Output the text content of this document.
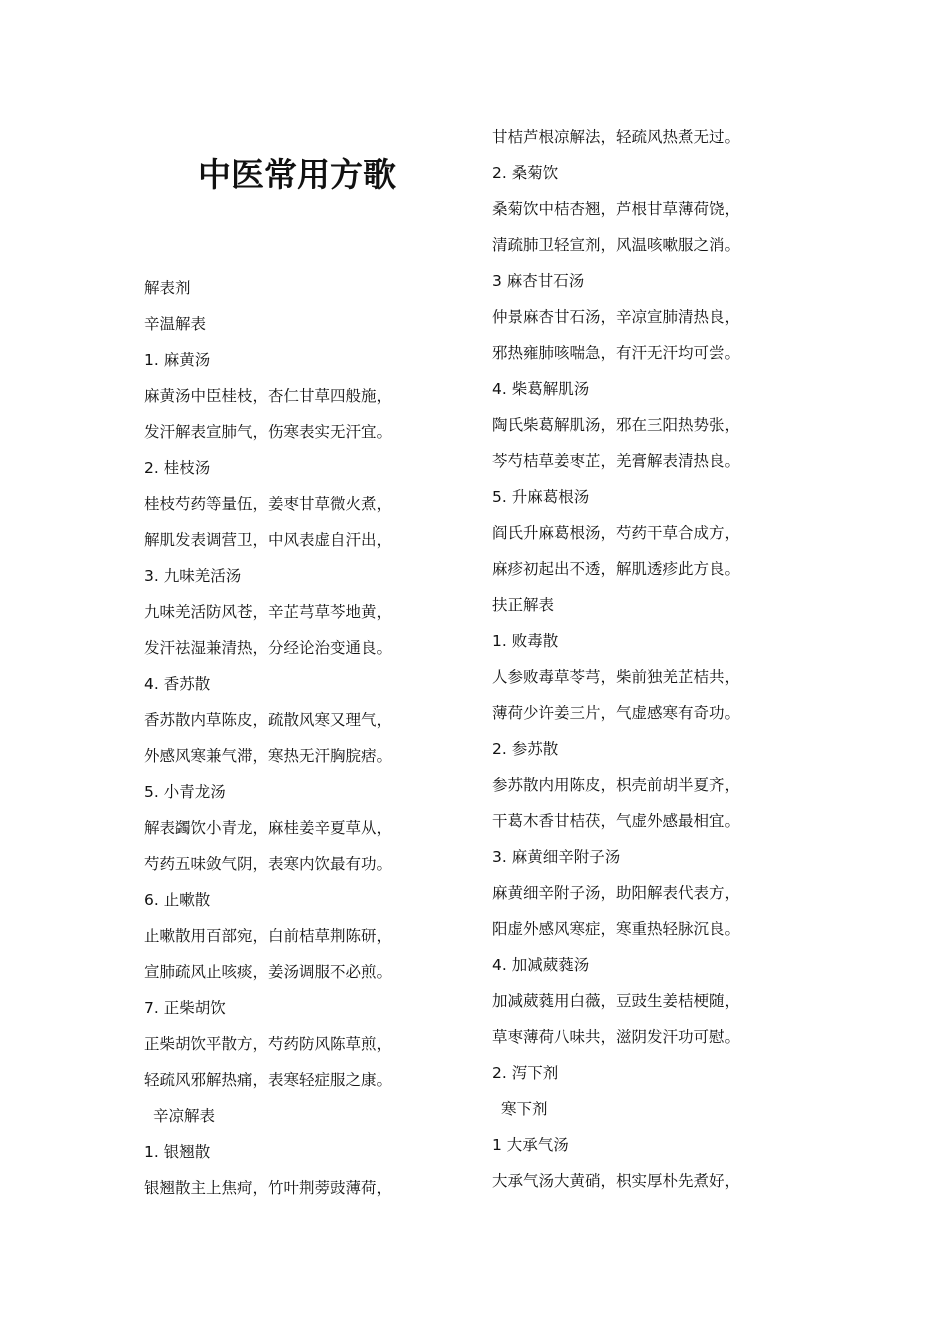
中医常用方歌
解表剂
辛温解表
1. 麻黄汤
麻黄汤中臣桂枝，杏仁甘草四般施，
发汗解表宣肺气，伤寒表实无汗宜。
2. 桂枝汤
桂枝芍药等量伍，姜枣甘草微火煮，
解肌发表调营卫，中风表虚自汗出，
3. 九味羌活汤
九味羌活防风苍，辛芷芎草芩地黄，
发汗祛湿兼清热，分经论治变通良。
4. 香苏散
香苏散内草陈皮，疏散风寒又理气，
外感风寒兼气滞，寒热无汗胸脘痞。
5. 小青龙汤
解表蠲饮小青龙，麻桂姜辛夏草从，
芍药五味敛气阴，表寒内饮最有功。
6. 止嗽散
止嗽散用百部宛，白前桔草荆陈研，
宣肺疏风止咳痰，姜汤调服不必煎。
7. 正柴胡饮
正柴胡饮平散方，芍药防风陈草煎，
轻疏风邪解热痛，表寒轻症服之康。
辛凉解表
1. 银翘散
银翘散主上焦疴，竹叶荆蒡豉薄荷，
甘桔芦根凉解法，轻疏风热煮无过。
2. 桑菊饮
桑菊饮中桔杏翘，芦根甘草薄荷饶，
清疏肺卫轻宣剂，风温咳嗽服之消。
3 麻杏甘石汤
仲景麻杏甘石汤，辛凉宣肺清热良，
邪热雍肺咳喘急，有汗无汗均可尝。
4. 柴葛解肌汤
陶氏柴葛解肌汤，邪在三阳热势张，
芩芍桔草姜枣芷，羌膏解表清热良。
5. 升麻葛根汤
阎氏升麻葛根汤，芍药干草合成方，
麻疹初起出不透，解肌透疹此方良。
扶正解表
1. 败毒散
人参败毒草苓芎，柴前独羌芷桔共，
薄荷少许姜三片，气虚感寒有奇功。
2. 参苏散
参苏散内用陈皮，枳壳前胡半夏齐，
干葛木香甘桔茯，气虚外感最相宜。
3. 麻黄细辛附子汤
麻黄细辛附子汤，助阳解表代表方，
阳虚外感风寒症，寒重热轻脉沉良。
4. 加减葳蕤汤
加减葳蕤用白薇，豆豉生姜桔梗随，
草枣薄荷八味共，滋阴发汗功可慰。
2. 泻下剂
寒下剂
1 大承气汤
大承气汤大黄硝，枳实厚朴先煮好，
